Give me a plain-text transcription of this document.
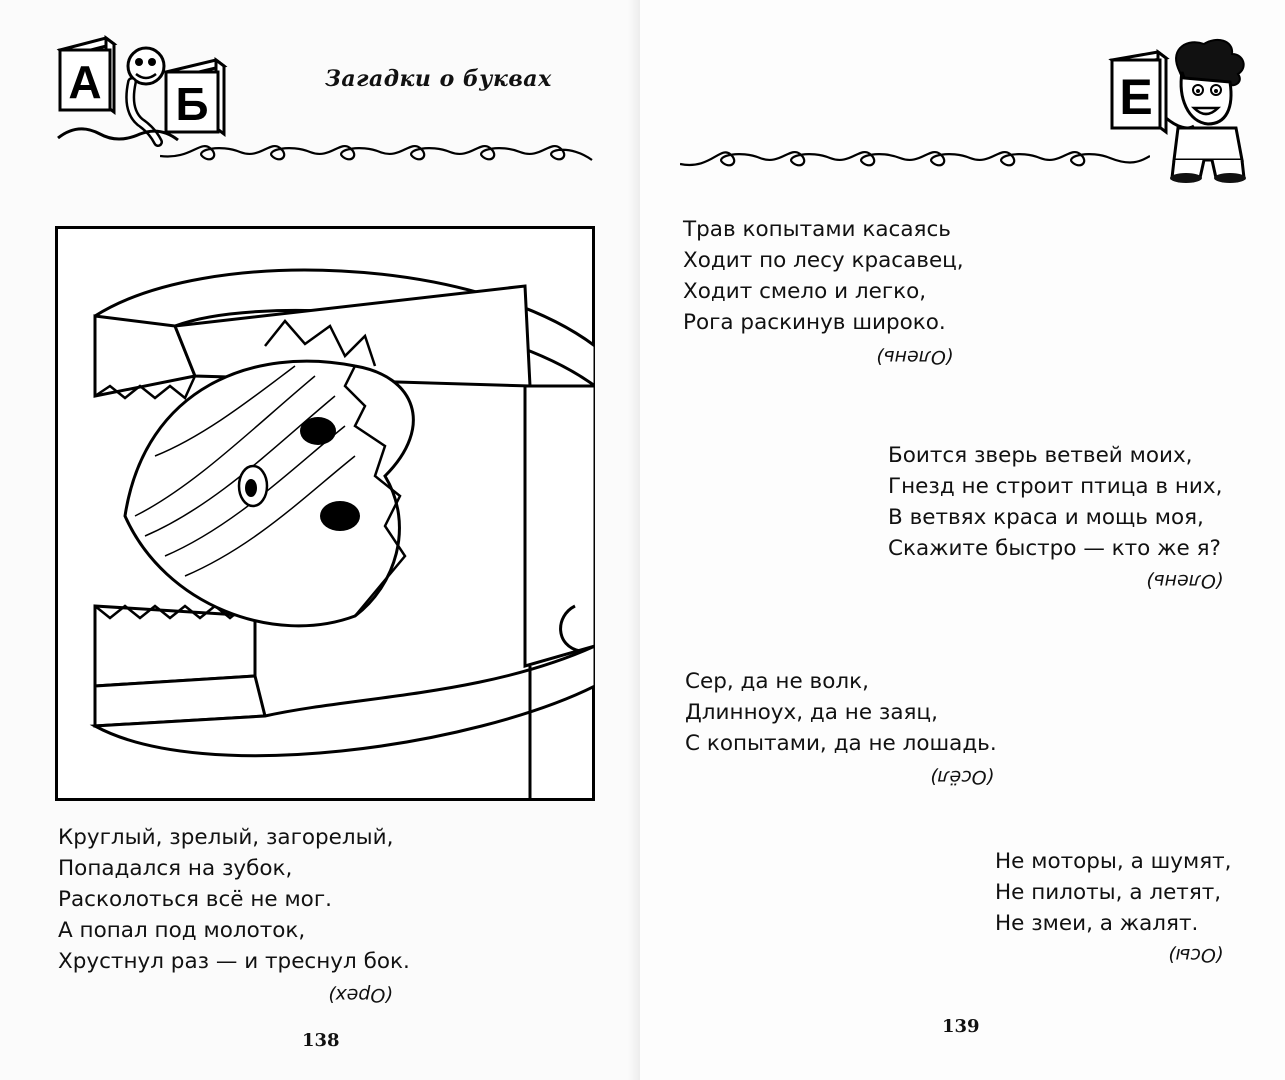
А Б	Загадки о буквах
Круглый, зрелый, загорелый,
Попадался на зубок,
Расколоться всё не мог.
А попал под молоток,
Хрустнул раз — и треснул бок.
(Орех)
138
Е
Трав копытами касаясь
Ходит по лесу красавец,
Ходит смело и легко,
Рога раскинув широко.
(Олень)
Боится зверь ветвей моих,
Гнезд не строит птица в них,
В ветвях краса и мощь моя,
Скажите быстро — кто же я?
(Олень)
Сер, да не волк,
Длинноух, да не заяц,
С копытами, да не лошадь.
(Осёл)
Не моторы, а шумят,
Не пилоты, а летят,
Не змеи, а жалят.
(Осы)
139
